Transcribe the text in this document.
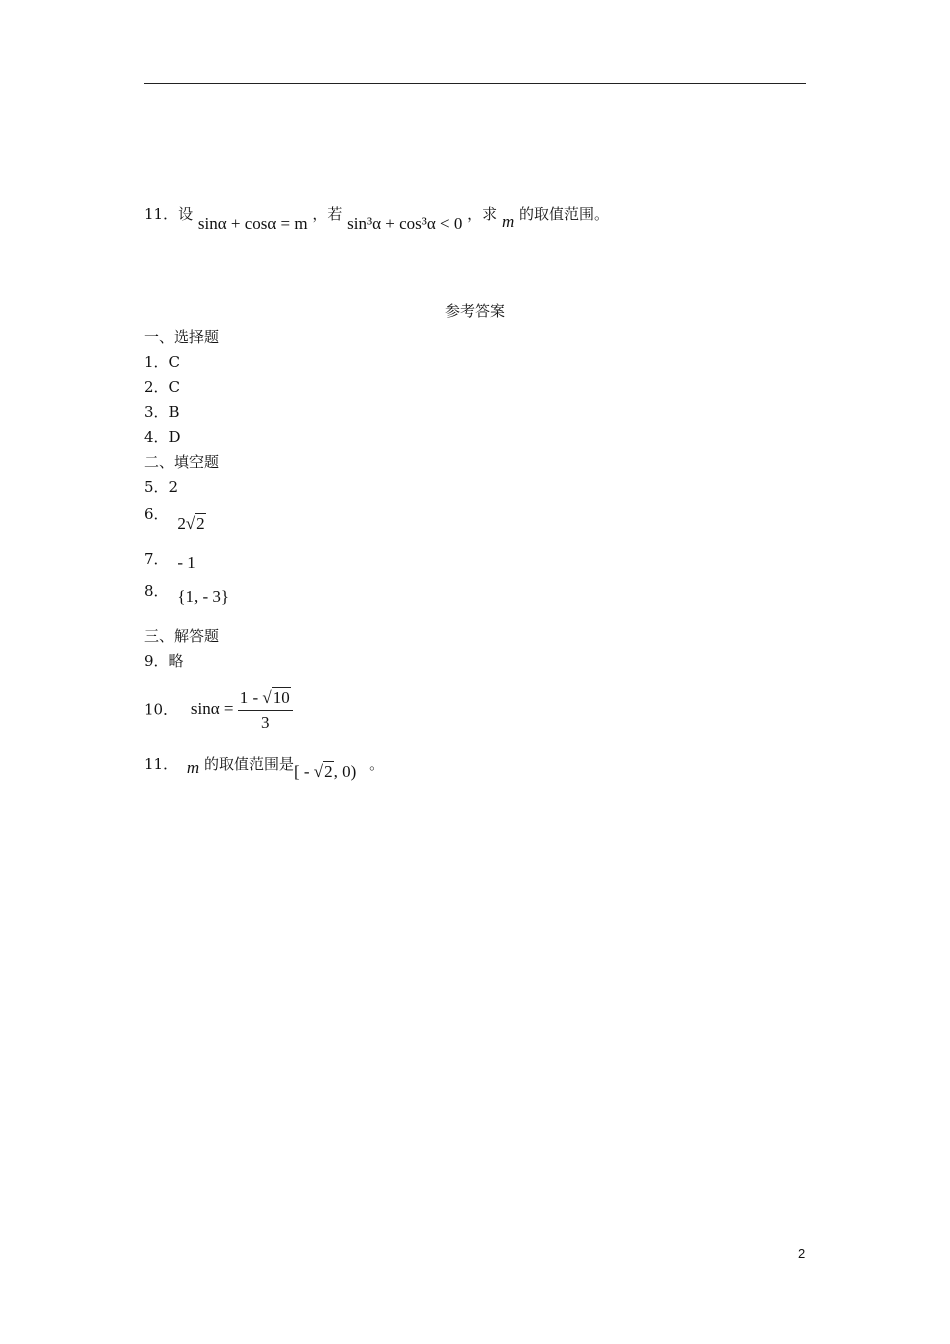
11．设 sinα + cosα = m ，若 sin³α + cos³α < 0 ，求 m 的取值范围。
参考答案
一、选择题
1．C
2．C
3．B
4．D
二、填空题
5．2
6． 2√2
7． - 1
8． {1, - 3}
三、解答题
9．略
10． $\sin\alpha = \frac{1 - √10}{3}$
11． m 的取值范围是[ - √2, 0) 。
2
